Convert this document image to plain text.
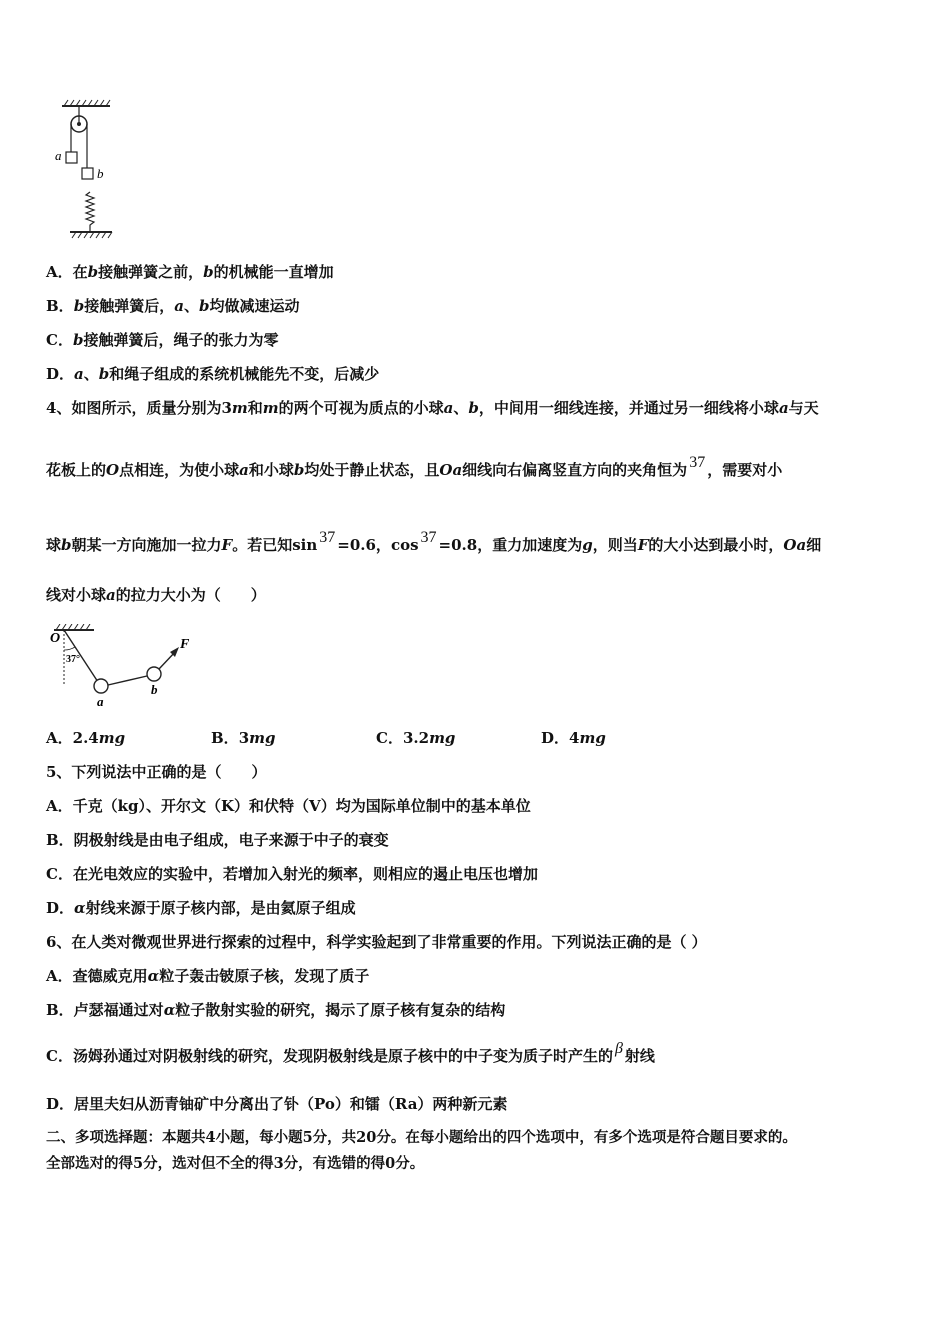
a
b
A．在b接触弹簧之前，b的机械能一直增加
B．b接触弹簧后，a、b均做减速运动
C．b接触弹簧后，绳子的张力为零
D．a、b和绳子组成的系统机械能先不变，后减少
4、如图所示，质量分别为3m和m的两个可视为质点的小球a、b，中间用一细线连接，并通过另一细线将小球a与天
花板上的O点相连，为使小球a和小球b均处于静止状态，且Oa细线向右偏离竖直方向的夹角恒为 37 ，需要对小
球b朝某一方向施加一拉力F。若已知sin 37 =0.6，cos 37 =0.8，重力加速度为g，则当F的大小达到最小时，Oa细
线对小球a的拉力大小为（　　）
O
37°
a
b
F
A．2.4mg	B．3mg	C．3.2mg	D．4mg
5、下列说法中正确的是（　　）
A．千克（kg）、开尔文（K）和伏特（V）均为国际单位制中的基本单位
B．阴极射线是由电子组成，电子来源于中子的衰变
C．在光电效应的实验中，若增加入射光的频率，则相应的遏止电压也增加
D．α射线来源于原子核内部，是由氦原子组成
6、在人类对微观世界进行探索的过程中，科学实验起到了非常重要的作用。下列说法正确的是（ ）
A．查德威克用α粒子轰击铍原子核，发现了质子
B．卢瑟福通过对α粒子散射实验的研究，揭示了原子核有复杂的结构
C．汤姆孙通过对阴极射线的研究，发现阴极射线是原子核中的中子变为质子时产生的 β 射线
D．居里夫妇从沥青铀矿中分离出了钋（Po）和镭（Ra）两种新元素
二、多项选择题：本题共4小题，每小题5分，共20分。在每小题给出的四个选项中，有多个选项是符合题目要求的。
全部选对的得5分，选对但不全的得3分，有选错的得0分。
